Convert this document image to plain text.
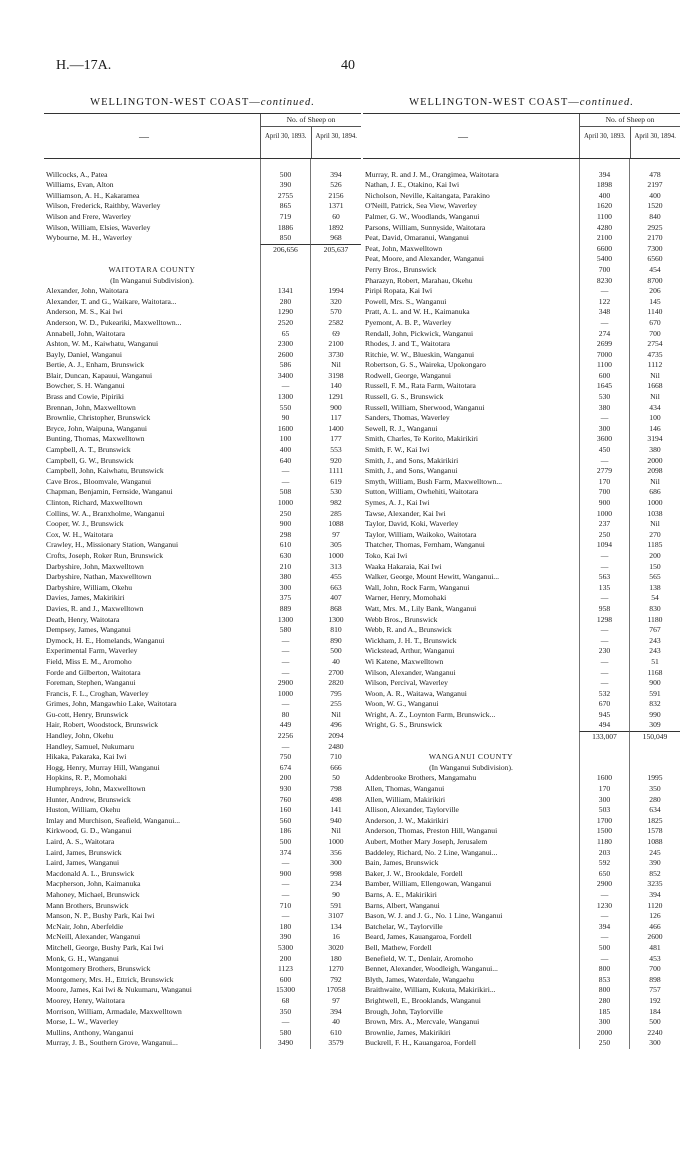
H.—17A.	40
WELLINGTON-WEST COAST—continued.
—
No. of Sheep on
April 30, 1893.	April 30, 1894.
Willcocks, A., Patea	500	394
Williams, Evan, Alton	390	526
Williamson, A. H., Kakaramea	2755	2156
Wilson, Frederick, Raithby, Waverley	865	1371
Wilson and Frere, Waverley	719	60
Wilson, William, Elsies, Waverley	1886	1892
Wybourne, M. H., Waverley	850	968
206,656	205,637
WAITOTARA COUNTY
(In Wanganui Subdivision).
Alexander, John, Waitotara	1341	1994
Alexander, T. and G., Waikare, Waitotara...	280	320
Anderson, M. S., Kai Iwi	1290	570
Anderson, W. D., Pukeariki, Maxwelltown...	2520	2582
Annabell, John, Waitotara	65	69
Ashton, W. M., Kaiwhatu, Wanganui	2300	2100
Bayly, Daniel, Wanganui	2600	3730
Bertie, A. J., Enham, Brunswick	586	Nil
Blair, Duncan, Kapauui, Wanganui	3400	3198
Bowcher, S. H. Wanganui	—	140
Brass and Cowie, Pipiriki	1300	1291
Brennan, John, Maxwelltown	550	900
Brownlie, Christopher, Brunswick	90	117
Bryce, John, Waipuna, Wanganui	1600	1400
Bunting, Thomas, Maxwelltown	100	177
Campbell, A. T., Brunswick	400	553
Campbell, G. W., Brunswick	640	920
Campbell, John, Kaiwhatu, Brunswick	—	1111
Cave Bros., Bloomvale, Wanganui	—	619
Chapman, Benjamin, Fernside, Wanganui	508	530
Clinton, Richard, Maxwelltown	1000	982
Collins, W. A., Branxholme, Wanganui	250	285
Cooper, W. J., Brunswick	900	1088
Cox, W. H., Waitotara	298	97
Crawley, H., Missionary Station, Wanganui	610	305
Crofts, Joseph, Roker Run, Brunswick	630	1000
Darbyshire, John, Maxwelltown	210	313
Darbyshire, Nathan, Maxwelltown	380	455
Darbyshire, William, Okehu	300	663
Davies, James, Makirikiri	375	407
Davies, R. and J., Maxwelltown	889	868
Death, Henry, Waitotara	1300	1300
Dempsey, James, Wanganui	580	810
Dymock, H. E., Homelands, Wanganui	—	890
Experimental Farm, Waverley	—	500
Field, Miss E. M., Aromoho	—	40
Forde and Gilberton, Waitotara	—	2700
Foreman, Stephen, Wanganui	2900	2820
Francis, F. L., Croghan, Waverley	1000	795
Grimes, John, Mangawhio Lake, Waitotara	—	255
Gu-cott, Henry, Brunswick	80	Nil
Hair, Robert, Woodstock, Brunswick	449	496
Handley, John, Okehu	2256	2094
Handley, Samuel, Nukumaru	—	2480
Hikaka, Pakaraka, Kai Iwi	750	710
Hogg, Henry, Murray Hill, Wanganui	674	666
Hopkins, R. P., Momohaki	200	50
Humphreys, John, Maxwelltown	930	798
Hunter, Andrew, Brunswick	760	498
Huston, William, Okehu	160	141
Imlay and Murchison, Seafield, Wanganui...	560	940
Kirkwood, G. D., Wanganui	186	Nil
Laird, A. S., Waitotara	500	1000
Laird, James, Brunswick	374	356
Laird, James, Wanganui	—	300
Macdonald A. L., Brunswick	900	998
Macpherson, John, Kaimanuka	—	234
Mahoney, Michael, Brunswick	—	90
Mann Brothers, Brunswick	710	591
Manson, N. P., Bushy Park, Kai Iwi	—	3107
McNair, John, Aberfeldie	180	134
McNeill, Alexander, Wanganui	390	16
Mitchell, George, Bushy Park, Kai Iwi	5300	3020
Monk, G. H., Wanganui	200	180
Montgomery Brothers, Brunswick	1123	1270
Montgomery, Mrs. H., Ettrick, Brunswick	600	792
Moore, James, Kai Iwi & Nukumaru, Wanganui	15300	17058
Moorey, Henry, Waitotara	68	97
Morrison, William, Armadale, Maxwelltown	350	394
Morse, L. W., Waverley	—	40
Mullins, Anthony, Wanganui	580	610
Murray, J. B., Southern Grove, Wanganui...	3490	3579
WELLINGTON-WEST COAST—continued.
—
No. of Sheep on
April 30, 1893.	April 30, 1894.
Murray, R. and J. M., Orangimea, Waitotara	394	478
Nathan, J. E., Otakino, Kai Iwi	1898	2197
Nicholson, Neville, Kaitangata, Parakino	400	400
O'Neill, Patrick, Sea View, Waverley	1620	1520
Palmer, G. W., Woodlands, Wanganui	1100	840
Parsons, William, Sunnyside, Waitotara	4280	2925
Peat, David, Omaranui, Wanganui	2100	2170
Peat, John, Maxwelltown	6600	7300
Peat, Moore, and Alexander, Wanganui	5400	6560
Perry Bros., Brunswick	700	454
Pharazyn, Robert, Marahau, Okehu	8230	8700
Piripi Ropata, Kai Iwi	—	206
Powell, Mrs. S., Wanganui	122	145
Pratt, A. L. and W. H., Kaimanuka	348	1140
Pyemont, A. B. P., Waverley	—	670
Rendall, John, Pickwick, Wanganui	274	700
Rhodes, J. and T., Waitotara	2699	2754
Ritchie, W. W., Blueskin, Wanganui	7000	4735
Robertson, G. S., Waireka, Upokongaro	1100	1112
Rodwell, George, Wanganui	600	Nil
Russell, F. M., Rata Farm, Waitotara	1645	1668
Russell, G. S., Brunswick	530	Nil
Russell, William, Sherwood, Wanganui	380	434
Sanders, Thomas, Waverley	—	100
Sewell, R. J., Wanganui	300	146
Smith, Charles, Te Korito, Makirikiri	3600	3194
Smith, F. W., Kai Iwi	450	380
Smith, J., and Sons, Makirikiri	—	2000
Smith, J., and Sons, Wanganui	2779	2098
Smyth, William, Bush Farm, Maxwelltown...	170	Nil
Sutton, William, Owhehiti, Waitotara	700	686
Symes, A. J., Kai Iwi	900	1000
Tawse, Alexander, Kai Iwi	1000	1038
Taylor, David, Koki, Waverley	237	Nil
Taylor, William, Waikoko, Waitotara	250	270
Thatcher, Thomas, Fernham, Wanganui	1094	1185
Toko, Kai Iwi	—	200
Waaka Hakaraia, Kai Iwi	—	150
Walker, George, Mount Hewitt, Wanganui...	563	565
Wall, John, Rock Farm, Wanganui	135	138
Warner, Henry, Momohaki	—	54
Watt, Mrs. M., Lily Bank, Wanganui	958	830
Webb Bros., Brunswick	1298	1180
Webb, R. and A., Brunswick	—	767
Wickham, J. H. T., Brunswick	—	243
Wickstead, Arthur, Wanganui	230	243
Wi Katene, Maxwelltown	—	51
Wilson, Alexander, Wanganui	—	1168
Wilson, Percival, Waverley	—	900
Woon, A. R., Waitawa, Wanganui	532	591
Woon, W. G., Wanganui	670	832
Wright, A. Z., Loynton Farm, Brunswick...	945	990
Wright, G. S., Brunswick	494	309
133,007	150,049
WANGANUI COUNTY
(In Wanganui Subdivision).
Addenbrooke Brothers, Mangamahu	1600	1995
Allen, Thomas, Wanganui	170	350
Allen, William, Makirikiri	300	280
Allison, Alexander, Taylorville	503	634
Anderson, J. W., Makirikiri	1700	1825
Anderson, Thomas, Preston Hill, Wanganui	1500	1578
Aubert, Mother Mary Joseph, Jerusalem	1180	1088
Baddeley, Richard, No. 2 Line, Wanganui...	203	245
Bain, James, Brunswick	592	390
Baker, J. W., Brookdale, Fordell	650	852
Bamber, William, Ellengowan, Wanganui	2900	3235
Barns, A. E., Makirikiri	—	394
Barns, Albert, Wanganui	1230	1120
Bason, W. J. and J. G., No. 1 Line, Wanganui	—	126
Batchelar, W., Taylorville	394	466
Beard, James, Kauangaroa, Fordell	—	2600
Bell, Mathew, Fordell	500	481
Benefield, W. T., Denlair, Aromoho	—	453
Bennet, Alexander, Woodleigh, Wanganui...	800	700
Blyth, James, Waterdale, Wangaehu	853	898
Braithwaite, William, Kukuta, Makirikiri...	800	757
Brightwell, E., Brooklands, Wanganui	280	192
Brough, John, Taylorville	185	184
Brown, Mrs. A., Mercvale, Wanganui	300	500
Brownlie, James, Makirikiri	2000	2240
Buckrell, F. H., Kauangaroa, Fordell	250	300
